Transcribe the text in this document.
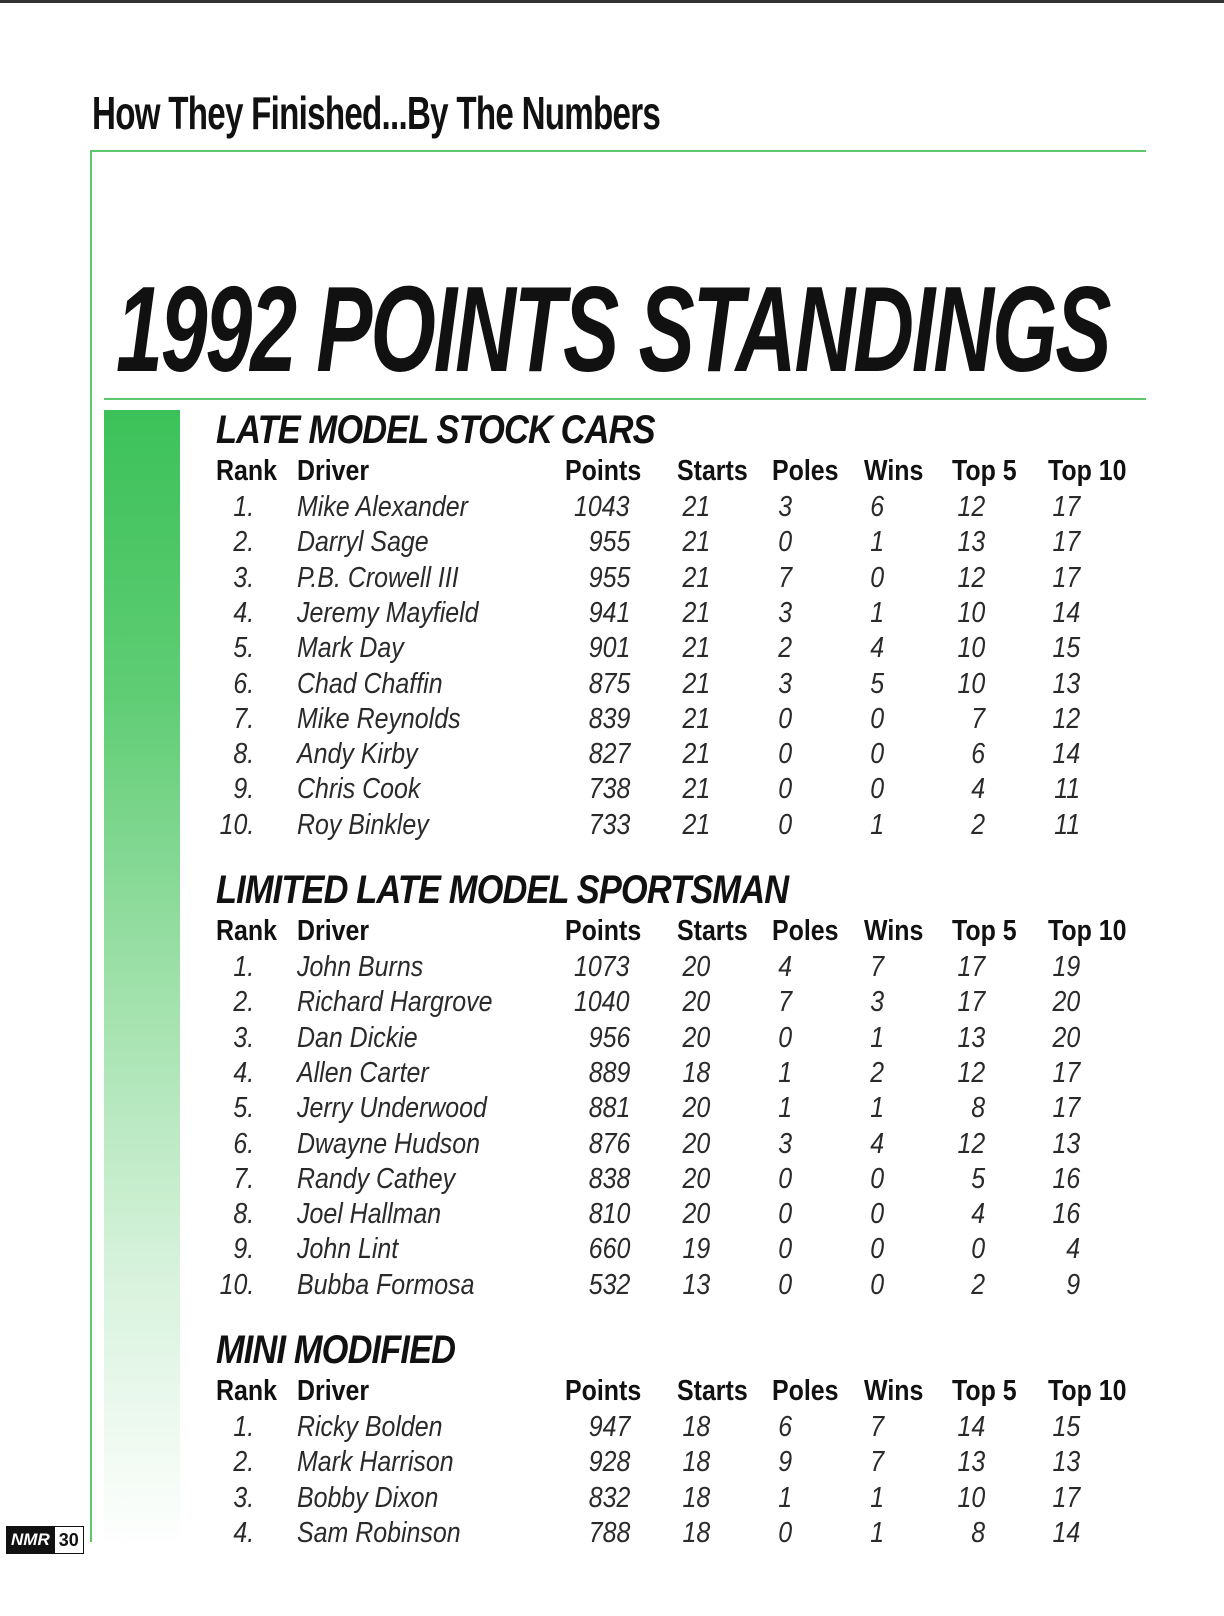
How They Finished...By The Numbers
1992 POINTS STANDINGS
LATE MODEL STOCK CARS
Rank Driver	Points Starts Poles Wins Top 5 Top 10
1. Mike Alexander	1043 21 3	6	12 17
2. Darryl Sage	955 21 0	1	13 17
3. P.B. Crowell III	955 21 7	0	12 17
4. Jeremy Mayfield	941 21 3	1	10 14
5. Mark Day	901 21 2	4	10 15
6. Chad Chaffin	875 21 3	5	10 13
7. Mike Reynolds	839 21 0	0	7 12
8. Andy Kirby	827 21 0	0	6 14
9. Chris Cook	738 21 0	0	4 11
10. Roy Binkley	733 21 0	1	2 11
LIMITED LATE MODEL SPORTSMAN
Rank Driver	Points Starts Poles Wins Top 5 Top 10
1. John Burns	1073 20 4	7	17 19
2. Richard Hargrove	1040 20 7	3	17 20
3. Dan Dickie	956 20 0	1	13 20
4. Allen Carter	889 18 1	2	12 17
5. Jerry Underwood	881 20 1	1	8 17
6. Dwayne Hudson	876 20 3	4	12 13
7. Randy Cathey	838 20 0	0	5 16
8. Joel Hallman	810 20 0	0	4 16
9. John Lint	660 19 0	0	0	4
10. Bubba Formosa	532 13 0	0	2	9
MINI MODIFIED
Rank Driver	Points Starts Poles Wins Top 5 Top 10
1. Ricky Bolden	947 18 6	7	14 15
2. Mark Harrison	928 18 9	7	13 13
3. Bobby Dixon	832 18 1	1	10 17
4. Sam Robinson	788 18 0	1	8 14
NMR 30
